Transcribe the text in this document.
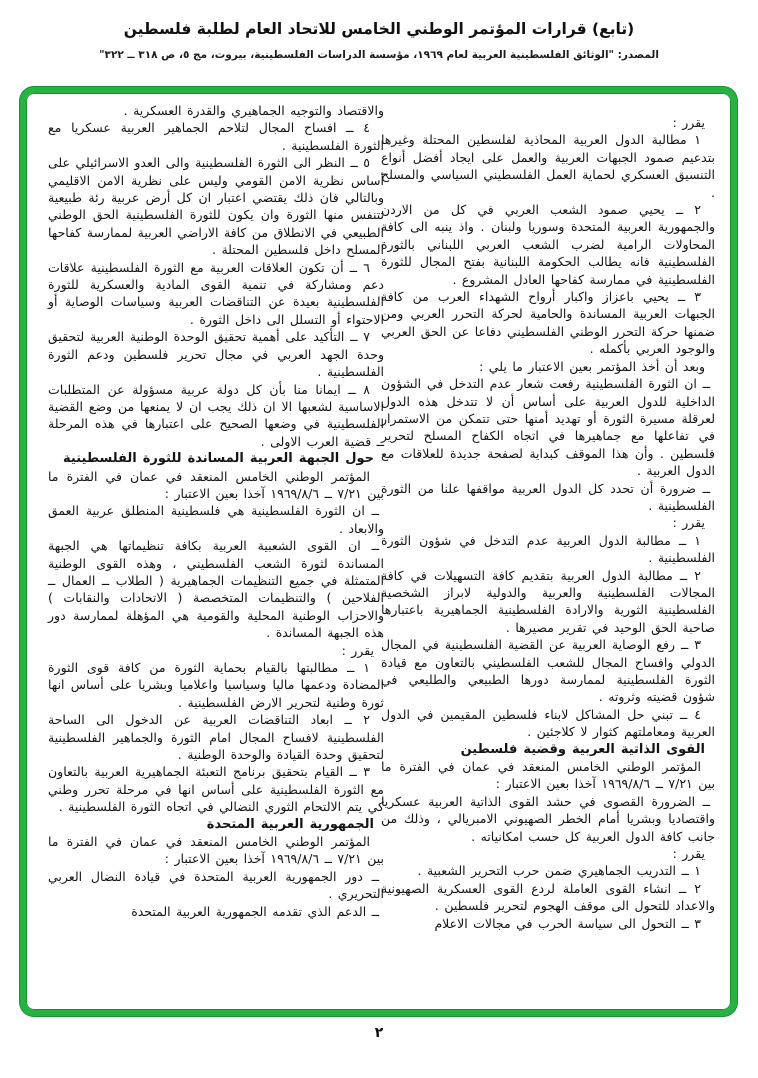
(تابع) قرارات المؤتمر الوطني الخامس للاتحاد العام لطلبة فلسطين
المصدر: "الوثائق الفلسطينية العربية لعام ١٩٦٩، مؤسسة الدراسات الفلسطينية، بيروت، مج ٥، ص ٣١٨ ــ ٣٢٢"
والاقتصاد والتوجيه الجماهيري والقدرة العسكرية .
٤ ــ افساح المجال لتلاحم الجماهير العربية عسكريا مع الثورة الفلسطينية .
٥ ــ النظر الى الثورة الفلسطينية والى العدو الاسرائيلي على أساس نظرية الامن القومي وليس على نظرية الامن الاقليمي وبالتالي فان ذلك يقتضي اعتبار ان كل أرض عربية رئة طبيعية تتنفس منها الثورة وان يكون للثورة الفلسطينية الحق الوطني الطبيعي في الانطلاق من كافة الاراضي العربية لممارسة كفاحها المسلح داخل فلسطين المحتلة .
٦ ــ أن تكون العلاقات العربية مع الثورة الفلسطينية علاقات دعم ومشاركة في تنمية القوى المادية والعسكرية للثورة الفلسطينية بعيدة عن التناقضات العربية وسياسات الوصاية أو الاحتواء أو التسلل الى داخل الثورة .
٧ ــ التأكيد على أهمية تحقيق الوحدة الوطنية العربية لتحقيق وحدة الجهد العربي في مجال تحرير فلسطين ودعم الثورة الفلسطينية .
٨ ــ ايمانا منا بأن كل دولة عربية مسؤولة عن المتطلبات الاساسية لشعبها الا ان ذلك يجب ان لا يمنعها من وضع القضية الفلسطينية في وضعها الصحيح على اعتبارها في هذه المرحلة ــ قضية العرب الاولى .
حول الجبهة العربية المساندة للثورة الفلسطينية
المؤتمر الوطني الخامس المنعقد في عمان في الفترة ما بين ٧/٢١ ــ ١٩٦٩/٨/٦ آخذا بعين الاعتبار :
ــ ان الثورة الفلسطينية هي فلسطينية المنطلق عربية العمق والابعاد .
ــ ان القوى الشعبية العربية بكافة تنظيماتها هي الجبهة المساندة لثورة الشعب الفلسطيني ، وهذه القوى الوطنية المتمثلة في جميع التنظيمات الجماهيرية ( الطلاب ــ العمال ــ الفلاحين ) والتنظيمات المتخصصة ( الاتحادات والنقابات ) والاحزاب الوطنية المحلية والقومية هي المؤهلة لممارسة دور هذه الجبهة المساندة .
يقرر :
١ ــ مطالبتها بالقيام بحماية الثورة من كافة قوى الثورة المضادة ودعمها ماليا وسياسيا واعلاميا وبشريا على أساس انها ثورة وطنية لتحرير الارض الفلسطينية .
٢ ــ ابعاد التناقضات العربية عن الدخول الى الساحة الفلسطينية لافساح المجال امام الثورة والجماهير الفلسطينية لتحقيق وحدة القيادة والوحدة الوطنية .
٣ ــ القيام بتحقيق برنامج التعبئة الجماهيرية العربية بالتعاون مع الثورة الفلسطينية على أساس انها في مرحلة تحرر وطني كي يتم الالتحام الثوري النضالي في اتجاه الثورة الفلسطينية .
الجمهورية العربية المتحدة
المؤتمر الوطني الخامس المنعقد في عمان في الفترة ما بين ٧/٢١ ــ ١٩٦٩/٨/٦ آخذا بعين الاعتبار :
ــ دور الجمهورية العربية المتحدة في قيادة النضال العربي التحريري .
ــ الدعم الذي تقدمه الجمهورية العربية المتحدة
يقرر :
١ مطالبة الدول العربية المحاذية لفلسطين المحتلة وغيرها بتدعيم صمود الجبهات العربية والعمل على ايجاد أفضل أنواع التنسيق العسكري لحماية العمل الفلسطيني السياسي والمسلح .
٢ ــ يحيي صمود الشعب العربي في كل من الاردن والجمهورية العربية المتحدة وسوريا ولبنان . واذ ينبه الى كافة المحاولات الرامية لضرب الشعب العربي اللبناني بالثورة الفلسطينية فانه يطالب الحكومة اللبنانية بفتح المجال للثورة الفلسطينية في ممارسة كفاحها العادل المشروع .
٣ ــ يحيي باعزاز واكبار أرواح الشهداء العرب من كافة الجبهات العربية المساندة والحامية لحركة التحرر العربي ومن ضمنها حركة التحرر الوطني الفلسطيني دفاعا عن الحق العربي والوجود العربي بأكمله .
وبعد أن أخذ المؤتمر بعين الاعتبار ما يلي :
ــ ان الثورة الفلسطينية رفعت شعار عدم التدخل في الشؤون الداخلية للدول العربية على أساس أن لا تتدخل هذه الدول لعرقلة مسيرة الثورة أو تهديد أمنها حتى تتمكن من الاستمرار في تفاعلها مع جماهيرها في اتجاه الكفاح المسلح لتحرير فلسطين . وأن هذا الموقف كبداية لصفحة جديدة للعلاقات مع الدول العربية .
ــ ضرورة أن تحدد كل الدول العربية مواقفها علنا من الثورة الفلسطينية .
يقرر :
١ ــ مطالبة الدول العربية عدم التدخل في شؤون الثورة الفلسطينية .
٢ ــ مطالبة الدول العربية بتقديم كافة التسهيلات في كافة المجالات الفلسطينية والعربية والدولية لابراز الشخصية الفلسطينية الثورية والارادة الفلسطينية الجماهيرية باعتبارها صاحبة الحق الوحيد في تقرير مصيرها .
٣ ــ رفع الوصاية العربية عن القضية الفلسطينية في المجال الدولي وافساح المجال للشعب الفلسطيني بالتعاون مع قيادة الثورة الفلسطينية لممارسة دورها الطبيعي والطليعي في شؤون قضيته وثروته .
٤ ــ تبني حل المشاكل لابناء فلسطين المقيمين في الدول العربية ومعاملتهم كثوار لا كلاجئين .
القوى الذاتية العربية وقضية فلسطين
المؤتمر الوطني الخامس المنعقد في عمان في الفترة ما بين ٧/٢١ ــ ١٩٦٩/٨/٦ آخذا بعين الاعتبار :
ــ الضرورة القصوى في حشد القوى الذاتية العربية عسكريا واقتصاديا وبشريا أمام الخطر الصهيوني الامبريالي ، وذلك من جانب كافة الدول العربية كل حسب امكانياته .
يقرر :
١ ــ التدريب الجماهيري ضمن حرب التحرير الشعبية .
٢ ــ انشاء القوى العاملة لردع القوى العسكرية الصهيونية والاعداد للتحول الى موقف الهجوم لتحرير فلسطين .
٣ ــ التحول الى سياسة الحرب في مجالات الاعلام
٢
